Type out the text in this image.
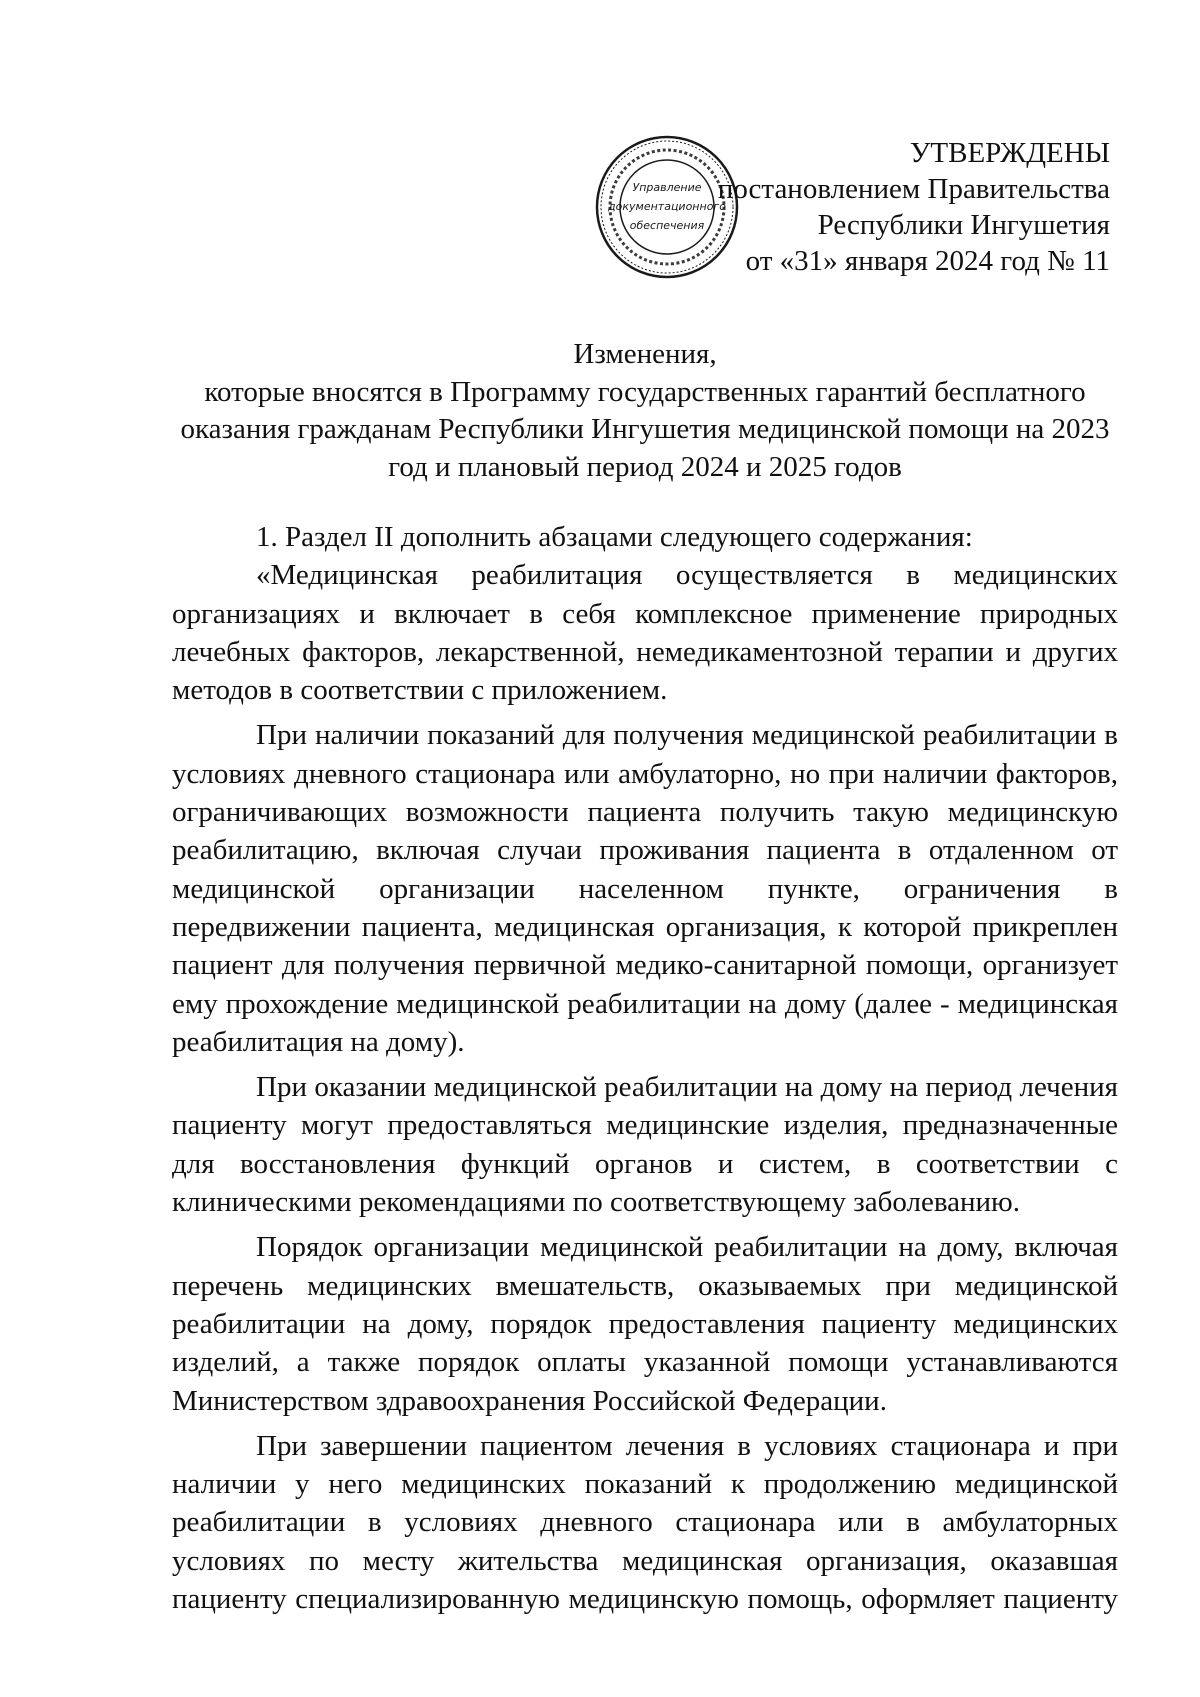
Управление
документационного
обеспечения
УТВЕРЖДЕНЫ
постановлением Правительства
Республики Ингушетия
от «31» января 2024 год № 11
Изменения,
которые вносятся в Программу государственных гарантий бесплатного
оказания гражданам Республики Ингушетия медицинской помощи на 2023
год и плановый период 2024 и 2025 годов

1. Раздел II дополнить абзацами следующего содержания:

«Медицинская реабилитация осуществляется в медицинских организациях и включает в себя комплексное применение природных лечебных факторов, лекарственной, немедикаментозной терапии и других методов в соответствии с приложением.

При наличии показаний для получения медицинской реабилитации в условиях дневного стационара или амбулаторно, но при наличии факторов, ограничивающих возможности пациента получить такую медицинскую реабилитацию, включая случаи проживания пациента в отдаленном от медицинской организации населенном пункте, ограничения в передвижении пациента, медицинская организация, к которой прикреплен пациент для получения первичной медико-санитарной помощи, организует ему прохождение медицинской реабилитации на дому (далее - медицинская реабилитация на дому).

При оказании медицинской реабилитации на дому на период лечения пациенту могут предоставляться медицинские изделия, предназначенные для восстановления функций органов и систем, в соответствии с клиническими рекомендациями по соответствующему заболеванию.

Порядок организации медицинской реабилитации на дому, включая перечень медицинских вмешательств, оказываемых при медицинской реабилитации на дому, порядок предоставления пациенту медицинских изделий, а также порядок оплаты указанной помощи устанавливаются Министерством здравоохранения Российской Федерации.

При завершении пациентом лечения в условиях стационара и при наличии у него медицинских показаний к продолжению медицинской реабилитации в условиях дневного стационара или в амбулаторных условиях по месту жительства медицинская организация, оказавшая пациенту специализированную медицинскую помощь, оформляет пациенту
